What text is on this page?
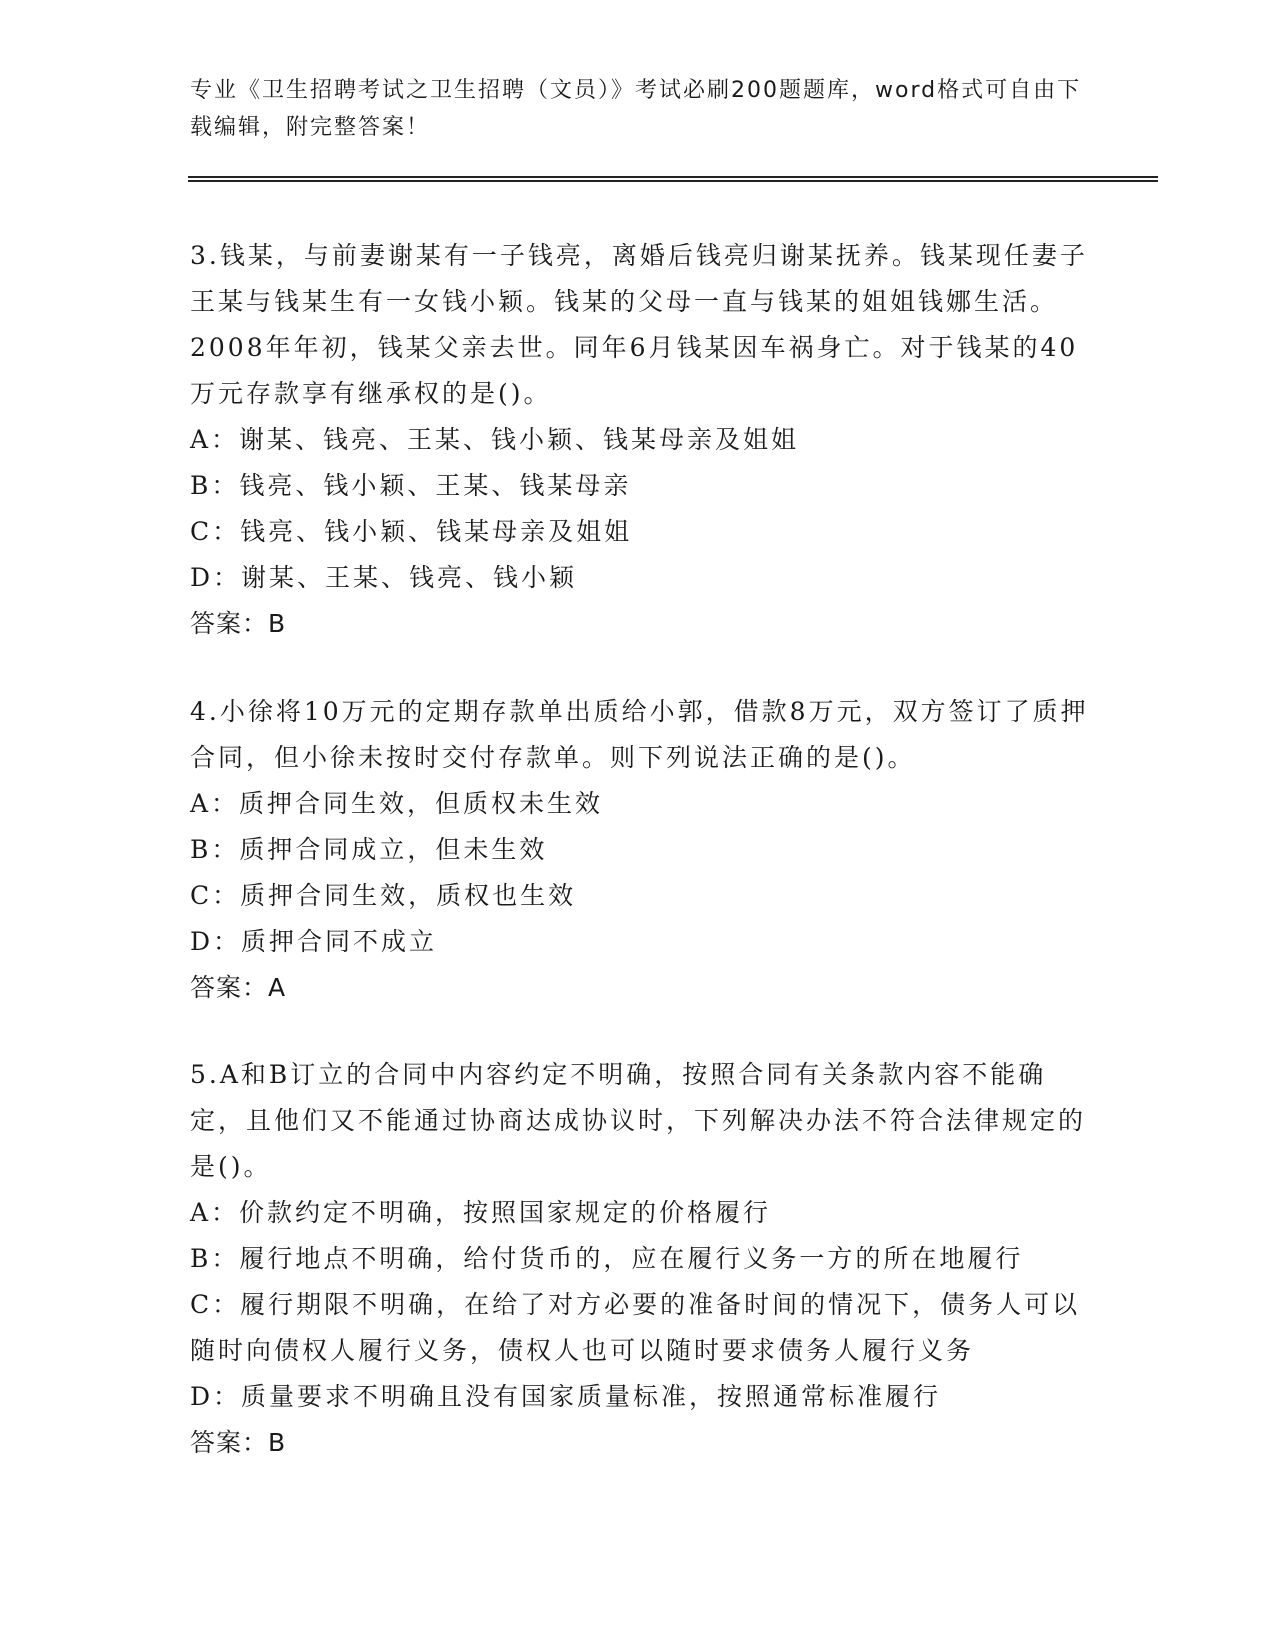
专业《卫生招聘考试之卫生招聘（文员）》考试必刷200题题库，word格式可自由下载编辑，附完整答案！

3.钱某，与前妻谢某有一子钱亮，离婚后钱亮归谢某抚养。钱某现任妻子王某与钱某生有一女钱小颖。钱某的父母一直与钱某的姐姐钱娜生活。2008年年初，钱某父亲去世。同年6月钱某因车祸身亡。对于钱某的40万元存款享有继承权的是()。

A：谢某、钱亮、王某、钱小颖、钱某母亲及姐姐

B：钱亮、钱小颖、王某、钱某母亲

C：钱亮、钱小颖、钱某母亲及姐姐

D：谢某、王某、钱亮、钱小颖

答案：B

4.小徐将10万元的定期存款单出质给小郭，借款8万元，双方签订了质押合同，但小徐未按时交付存款单。则下列说法正确的是()。

A：质押合同生效，但质权未生效

B：质押合同成立，但未生效

C：质押合同生效，质权也生效

D：质押合同不成立

答案：A

5.A和B订立的合同中内容约定不明确，按照合同有关条款内容不能确定，且他们又不能通过协商达成协议时，下列解决办法不符合法律规定的是()。

A：价款约定不明确，按照国家规定的价格履行

B：履行地点不明确，给付货币的，应在履行义务一方的所在地履行

C：履行期限不明确，在给了对方必要的准备时间的情况下，债务人可以随时向债权人履行义务，债权人也可以随时要求债务人履行义务

D：质量要求不明确且没有国家质量标准，按照通常标准履行

答案：B
